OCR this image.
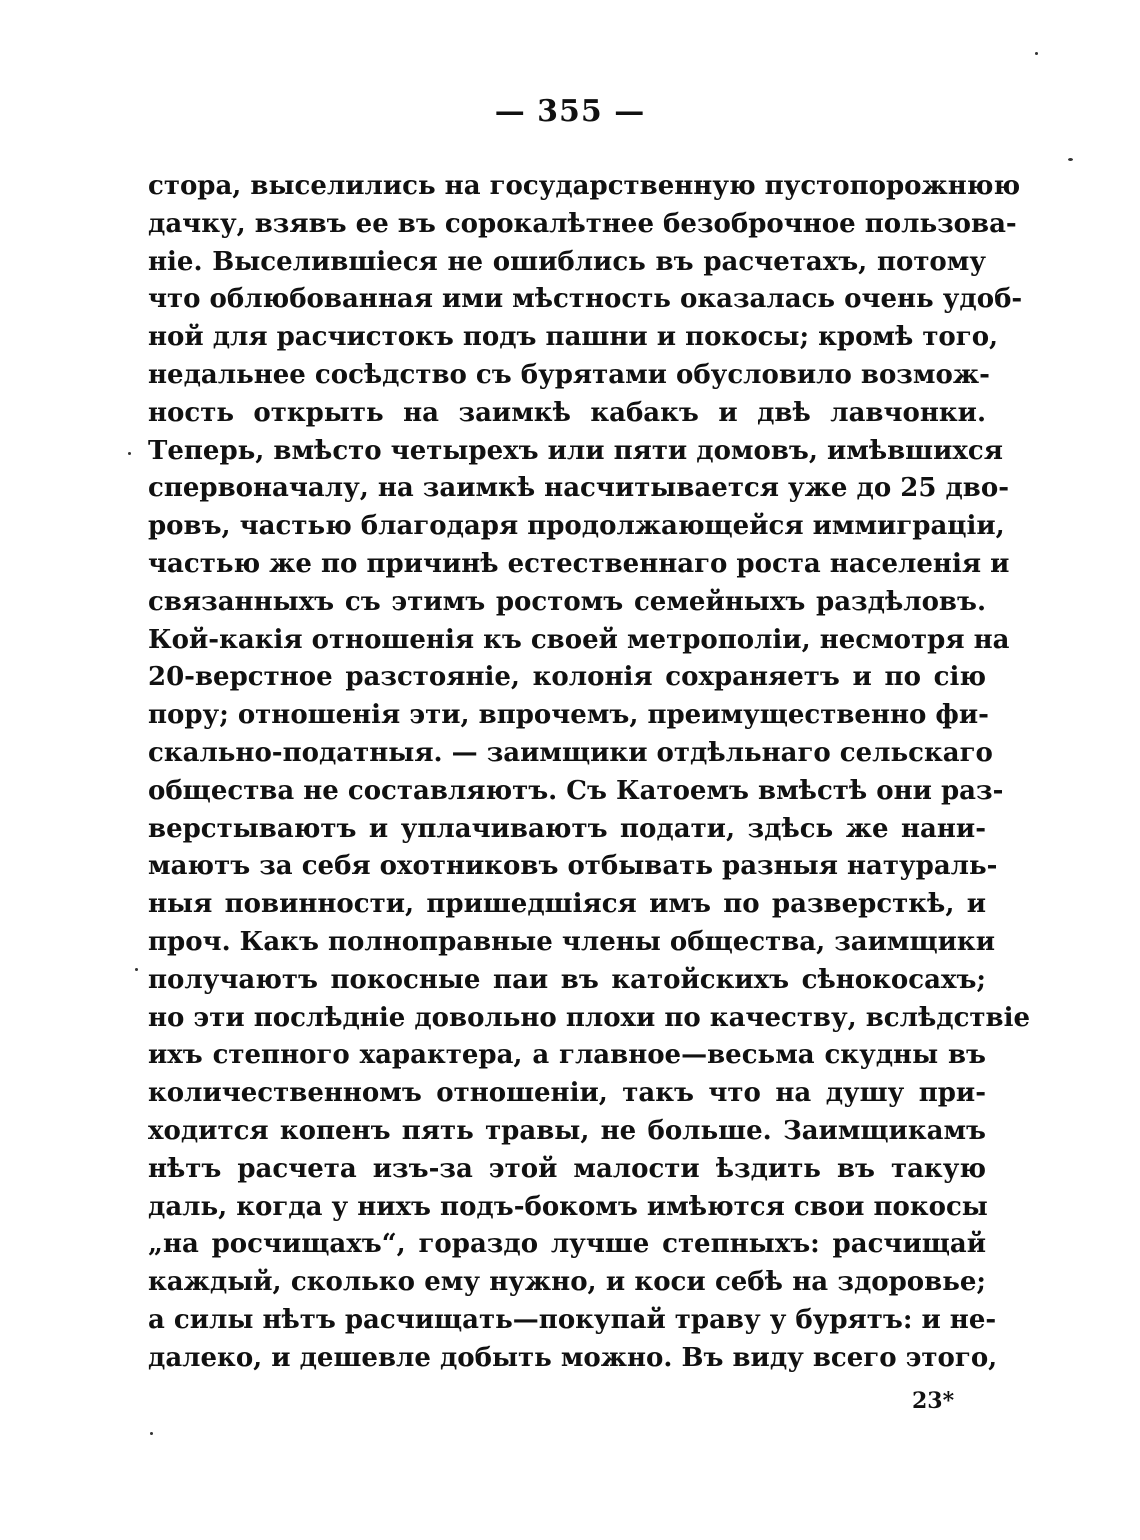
— 355 —
стора, выселились на государственную пустопорожнюю
дачку, взявъ ее въ сорокалѣтнее безоброчное пользова-
ніе. Выселившіеся не ошиблись въ расчетахъ, потому
что облюбованная ими мѣстность оказалась очень удоб-
ной для расчистокъ подъ пашни и покосы; кромѣ того,
недальнее сосѣдство съ бурятами обусловило возмож-
ность открыть на заимкѣ кабакъ и двѣ лавчонки.
Теперь, вмѣсто четырехъ или пяти домовъ, имѣвшихся
спервоначалу, на заимкѣ насчитывается уже до 25 дво-
ровъ, частью благодаря продолжающейся иммиграціи,
частью же по причинѣ естественнаго роста населенія и
связанныхъ съ этимъ ростомъ семейныхъ раздѣловъ.
Кой-какія отношенія къ своей метрополіи, несмотря на
20-верстное разстояніе, колонія сохраняетъ и по сію
пору; отношенія эти, впрочемъ, преимущественно фи-
скально-податныя. — заимщики отдѣльнаго сельскаго
общества не составляютъ. Съ Катоемъ вмѣстѣ они раз-
верстываютъ и уплачиваютъ подати, здѣсь же нани-
маютъ за себя охотниковъ отбывать разныя натураль-
ныя повинности, пришедшіяся имъ по разверсткѣ, и
проч. Какъ полноправные члены общества, заимщики
получаютъ покосные паи въ катойскихъ сѣнокосахъ;
но эти послѣдніе довольно плохи по качеству, вслѣдствіе
ихъ степного характера, а главное—весьма скудны въ
количественномъ отношеніи, такъ что на душу при-
ходится копенъ пять травы, не больше. Заимщикамъ
нѣтъ расчета изъ-за этой малости ѣздить въ такую
даль, когда у нихъ подъ-бокомъ имѣются свои покосы
„на росчищахъ“, гораздо лучше степныхъ: расчищай
каждый, сколько ему нужно, и коси себѣ на здоровье;
а силы нѣтъ расчищать—покупай траву у бурятъ: и не-
далеко, и дешевле добыть можно. Въ виду всего этого,
23*
